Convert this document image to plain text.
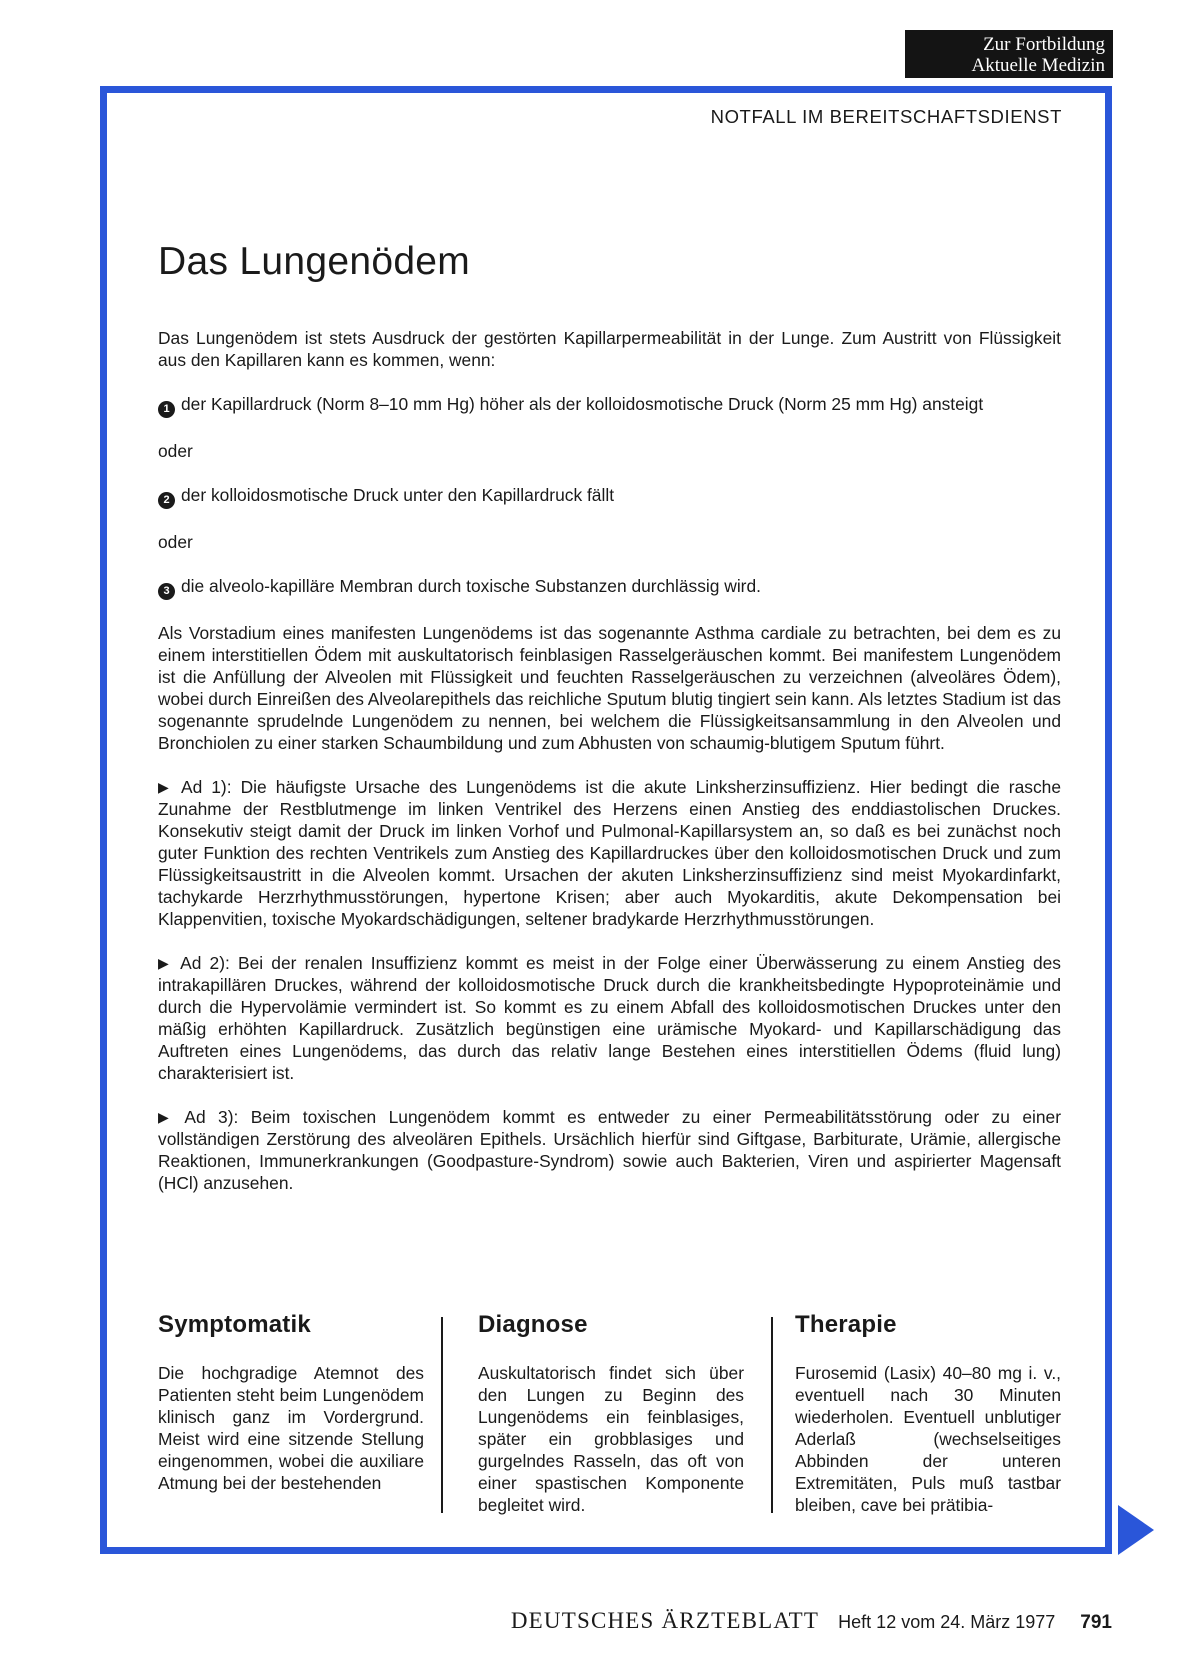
Zur Fortbildung
Aktuelle Medizin
NOTFALL IM BEREITSCHAFTSDIENST
Das Lungenödem

Das Lungenödem ist stets Ausdruck der gestörten Kapillarpermeabilität in der Lunge. Zum Austritt von Flüssigkeit aus den Kapillaren kann es kommen, wenn:

1 der Kapillardruck (Norm 8–10 mm Hg) höher als der kolloidosmotische Druck (Norm 25 mm Hg) ansteigt

oder

2 der kolloidosmotische Druck unter den Kapillardruck fällt

oder

3 die alveolo-kapilläre Membran durch toxische Substanzen durchlässig wird.

Als Vorstadium eines manifesten Lungenödems ist das sogenannte Asthma cardiale zu betrachten, bei dem es zu einem interstitiellen Ödem mit auskultatorisch feinblasigen Rasselgeräuschen kommt. Bei manifestem Lungenödem ist die Anfüllung der Alveolen mit Flüssigkeit und feuchten Rasselgeräuschen zu verzeichnen (alveoläres Ödem), wobei durch Einreißen des Alveolarepithels das reichliche Sputum blutig tingiert sein kann. Als letztes Stadium ist das sogenannte sprudelnde Lungenödem zu nennen, bei welchem die Flüssigkeitsansammlung in den Alveolen und Bronchiolen zu einer starken Schaumbildung und zum Abhusten von schaumig-blutigem Sputum führt.

▶ Ad 1): Die häufigste Ursache des Lungenödems ist die akute Linksherzinsuffizienz. Hier bedingt die rasche Zunahme der Restblutmenge im linken Ventrikel des Herzens einen Anstieg des enddiastolischen Druckes. Konsekutiv steigt damit der Druck im linken Vorhof und Pulmonal-Kapillarsystem an, so daß es bei zunächst noch guter Funktion des rechten Ventrikels zum Anstieg des Kapillardruckes über den kolloidosmotischen Druck und zum Flüssigkeitsaustritt in die Alveolen kommt. Ursachen der akuten Linksherzinsuffizienz sind meist Myokardinfarkt, tachykarde Herzrhythmusstörungen, hypertone Krisen; aber auch Myokarditis, akute Dekompensation bei Klappenvitien, toxische Myokardschädigungen, seltener bradykarde Herzrhythmusstörungen.

▶ Ad 2): Bei der renalen Insuffizienz kommt es meist in der Folge einer Überwässerung zu einem Anstieg des intrakapillären Druckes, während der kolloidosmotische Druck durch die krankheitsbedingte Hypoproteinämie und durch die Hypervolämie vermindert ist. So kommt es zu einem Abfall des kolloidosmotischen Druckes unter den mäßig erhöhten Kapillardruck. Zusätzlich begünstigen eine urämische Myokard- und Kapillarschädigung das Auftreten eines Lungenödems, das durch das relativ lange Bestehen eines interstitiellen Ödems (fluid lung) charakterisiert ist.

▶ Ad 3): Beim toxischen Lungenödem kommt es entweder zu einer Permeabilitätsstörung oder zu einer vollständigen Zerstörung des alveolären Epithels. Ursächlich hierfür sind Giftgase, Barbiturate, Urämie, allergische Reaktionen, Immunerkrankungen (Goodpasture-Syndrom) sowie auch Bakterien, Viren und aspirierter Magensaft (HCl) anzusehen.

Symptomatik

Die hochgradige Atemnot des Patienten steht beim Lungenödem klinisch ganz im Vordergrund. Meist wird eine sitzende Stellung eingenommen, wobei die auxiliare Atmung bei der bestehenden

Diagnose

Auskultatorisch findet sich über den Lungen zu Beginn des Lungenödems ein feinblasiges, später ein grobblasiges und gurgelndes Rasseln, das oft von einer spastischen Komponente begleitet wird.

Therapie

Furosemid (Lasix) 40–80 mg i. v., eventuell nach 30 Minuten wiederholen. Eventuell unblutiger Aderlaß (wechselseitiges Abbinden der unteren Extremitäten, Puls muß tastbar bleiben, cave bei prätibia-

DEUTSCHES ÄRZTEBLATT Heft 12 vom 24. März 1977 791
